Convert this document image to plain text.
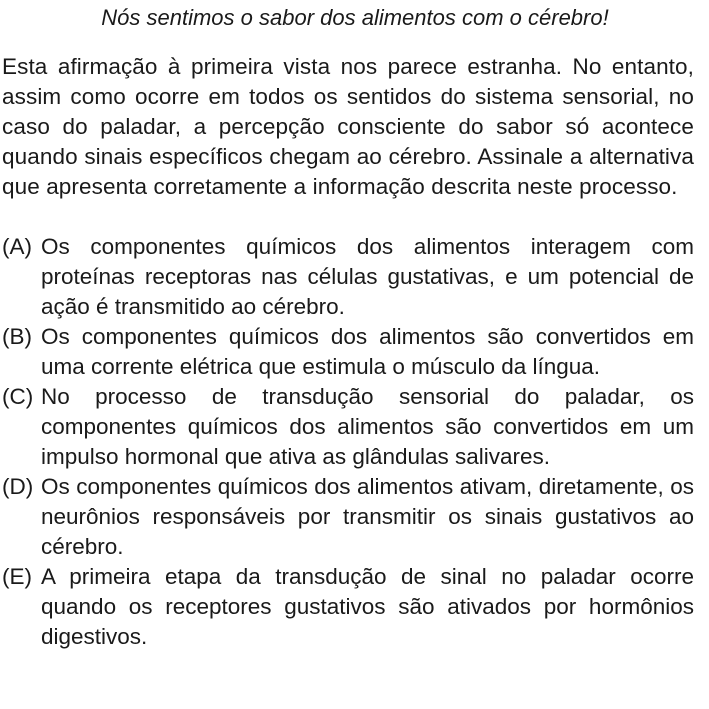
Nós sentimos o sabor dos alimentos com o cérebro!

Esta afirmação à primeira vista nos parece estranha. No entanto, assim como ocorre em todos os sentidos do sistema sensorial, no caso do paladar, a percepção consciente do sabor só acontece quando sinais específicos chegam ao cérebro. Assinale a alternativa que apresenta corretamente a informação descrita neste processo.

(A) Os componentes químicos dos alimentos interagem com proteínas receptoras nas células gustativas, e um potencial de ação é transmitido ao cérebro.
(B) Os componentes químicos dos alimentos são convertidos em uma corrente elétrica que estimula o músculo da língua.
(C) No processo de transdução sensorial do paladar, os componentes químicos dos alimentos são convertidos em um impulso hormonal que ativa as glândulas salivares.
(D) Os componentes químicos dos alimentos ativam, diretamente, os neurônios responsáveis por transmitir os sinais gustativos ao cérebro.
(E) A primeira etapa da transdução de sinal no paladar ocorre quando os receptores gustativos são ativados por hormônios digestivos.
